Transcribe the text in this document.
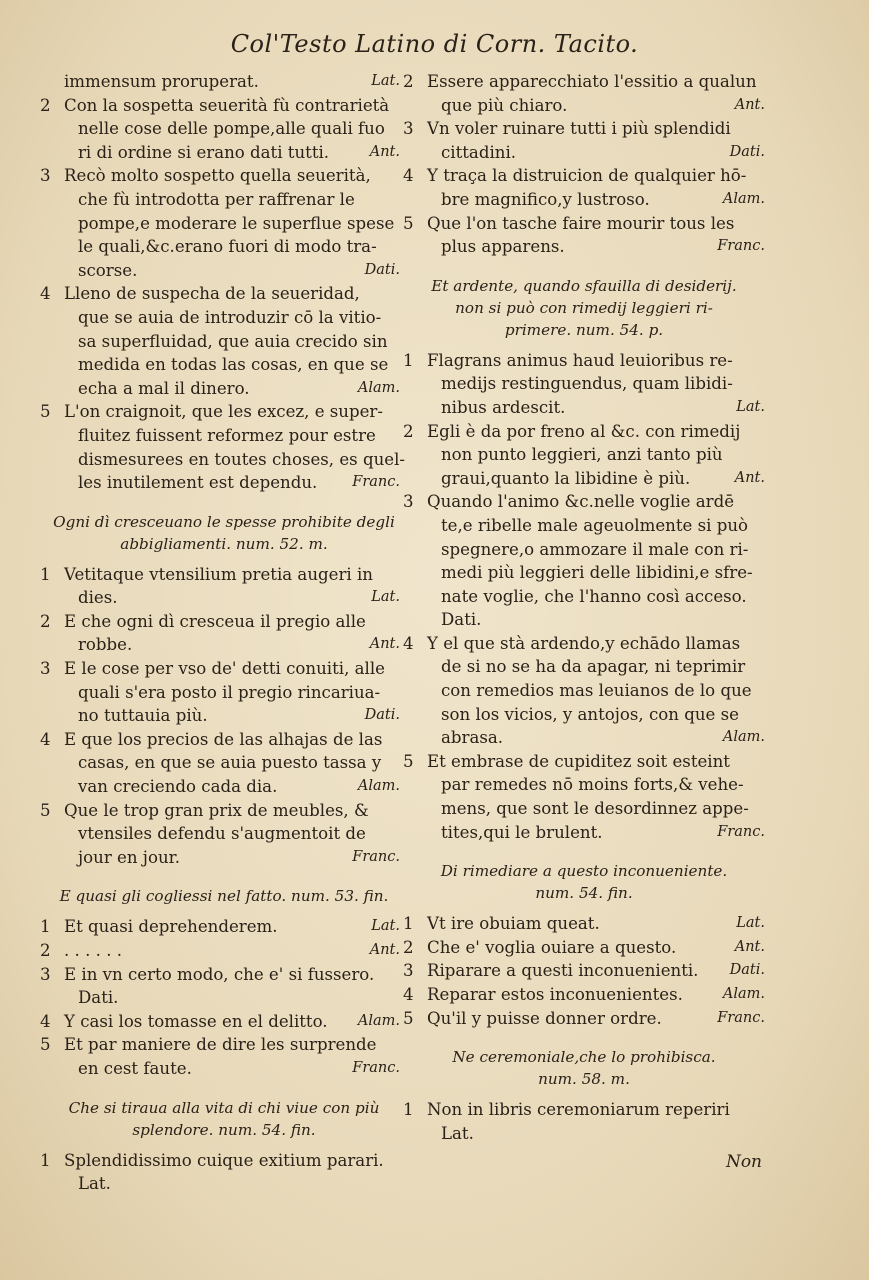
Col'Testo Latino di Corn. Tacito.
immensum proruperat.	Lat.
2 Con la sospetta seuerità fù contrarietà
nelle cose delle pompe,alle quali fuo
ri di ordine si erano dati tutti.	Ant.
3 Recò molto sospetto quella seuerità,
che fù introdotta per raffrenar le
pompe,e moderare le superflue spese
le quali,&c.erano fuori di modo tra-
scorse.	Dati.
4 Lleno de suspecha de la seueridad,
que se auia de introduzir cō la vitio-
sa superfluidad, que auia crecido sin
medida en todas las cosas, en que se
echa a mal il dinero.	Alam.
5 L'on craignoit, que les excez, e super-
fluitez fuissent reformez pour estre
dismesurees en toutes choses, es quel-
les inutilement est dependu. Franc.
Ogni dì cresceuano le spesse prohibite degli
abbigliamenti. num. 52. m.
1 Vetitaque vtensilium pretia augeri in
dies.	Lat.
2 E che ogni dì cresceua il pregio alle
robbe.	Ant.
3 E le cose per vso de' detti conuiti, alle
quali s'era posto il pregio rincariua-
no tuttauia più.	Dati.
4 E que los precios de las alhajas de las
casas, en que se auia puesto tassa y
van creciendo cada dia.	Alam.
5 Que le trop gran prix de meubles, &
vtensiles defendu s'augmentoit de
jour en jour.	Franc.
E quasi gli cogliessi nel fatto. num. 53. fin.
1 Et quasi deprehenderem.	Lat.
2 . . . . . .	Ant.
3 E in vn certo modo, che e' si fussero.
Dati.
4 Y casi los tomasse en el delitto. Alam.
5 Et par maniere de dire les surprende
en cest faute.	Franc.
Che si tiraua alla vita di chi viue con più
splendore. num. 54. fin.
1 Splendidissimo cuique exitium parari.
Lat.
2 Essere apparecchiato l'essitio a qualun
que più chiaro.	Ant.
3 Vn voler ruinare tutti i più splendidi
cittadini.	Dati.
4 Y traça la distruicion de qualquier hō-
bre magnifico,y lustroso.	Alam.
5 Que l'on tasche faire mourir tous les
plus apparens.	Franc.
Et ardente, quando sfauilla di desiderij.
non si può con rimedij leggieri ri-
primere. num. 54. p.
1 Flagrans animus haud leuioribus re-
medijs restinguendus, quam libidi-
nibus ardescit.	Lat.
2 Egli è da por freno al &c. con rimedij
non punto leggieri, anzi tanto più
graui,quanto la libidine è più.	Ant.
3 Quando l'animo &c.nelle voglie ardē
te,e ribelle male ageuolmente si può
spegnere,o ammozare il male con ri-
medi più leggieri delle libidini,e sfre-
nate voglie, che l'hanno così acceso.
Dati.
4 Y el que stà ardendo,y echādo llamas
de si no se ha da apagar, ni teprimir
con remedios mas leuianos de lo que
son los vicios, y antojos, con que se
abrasa.	Alam.
5 Et embrase de cupiditez soit esteint
par remedes nō moins forts,& vehe-
mens, que sont le desordinnez appe-
tites,qui le brulent.	Franc.
Di rimediare a questo inconueniente.
num. 54. fin.
1 Vt ire obuiam queat.	Lat.
2 Che e' voglia ouiare a questo.	Ant.
3 Riparare a questi inconuenienti. Dati.
4 Reparar estos inconuenientes.	Alam.
5 Qu'il y puisse donner ordre.	Franc.
Ne ceremoniale,che lo prohibisca.
num. 58. m.
1 Non in libris ceremoniarum reperiri
Lat.
Non
